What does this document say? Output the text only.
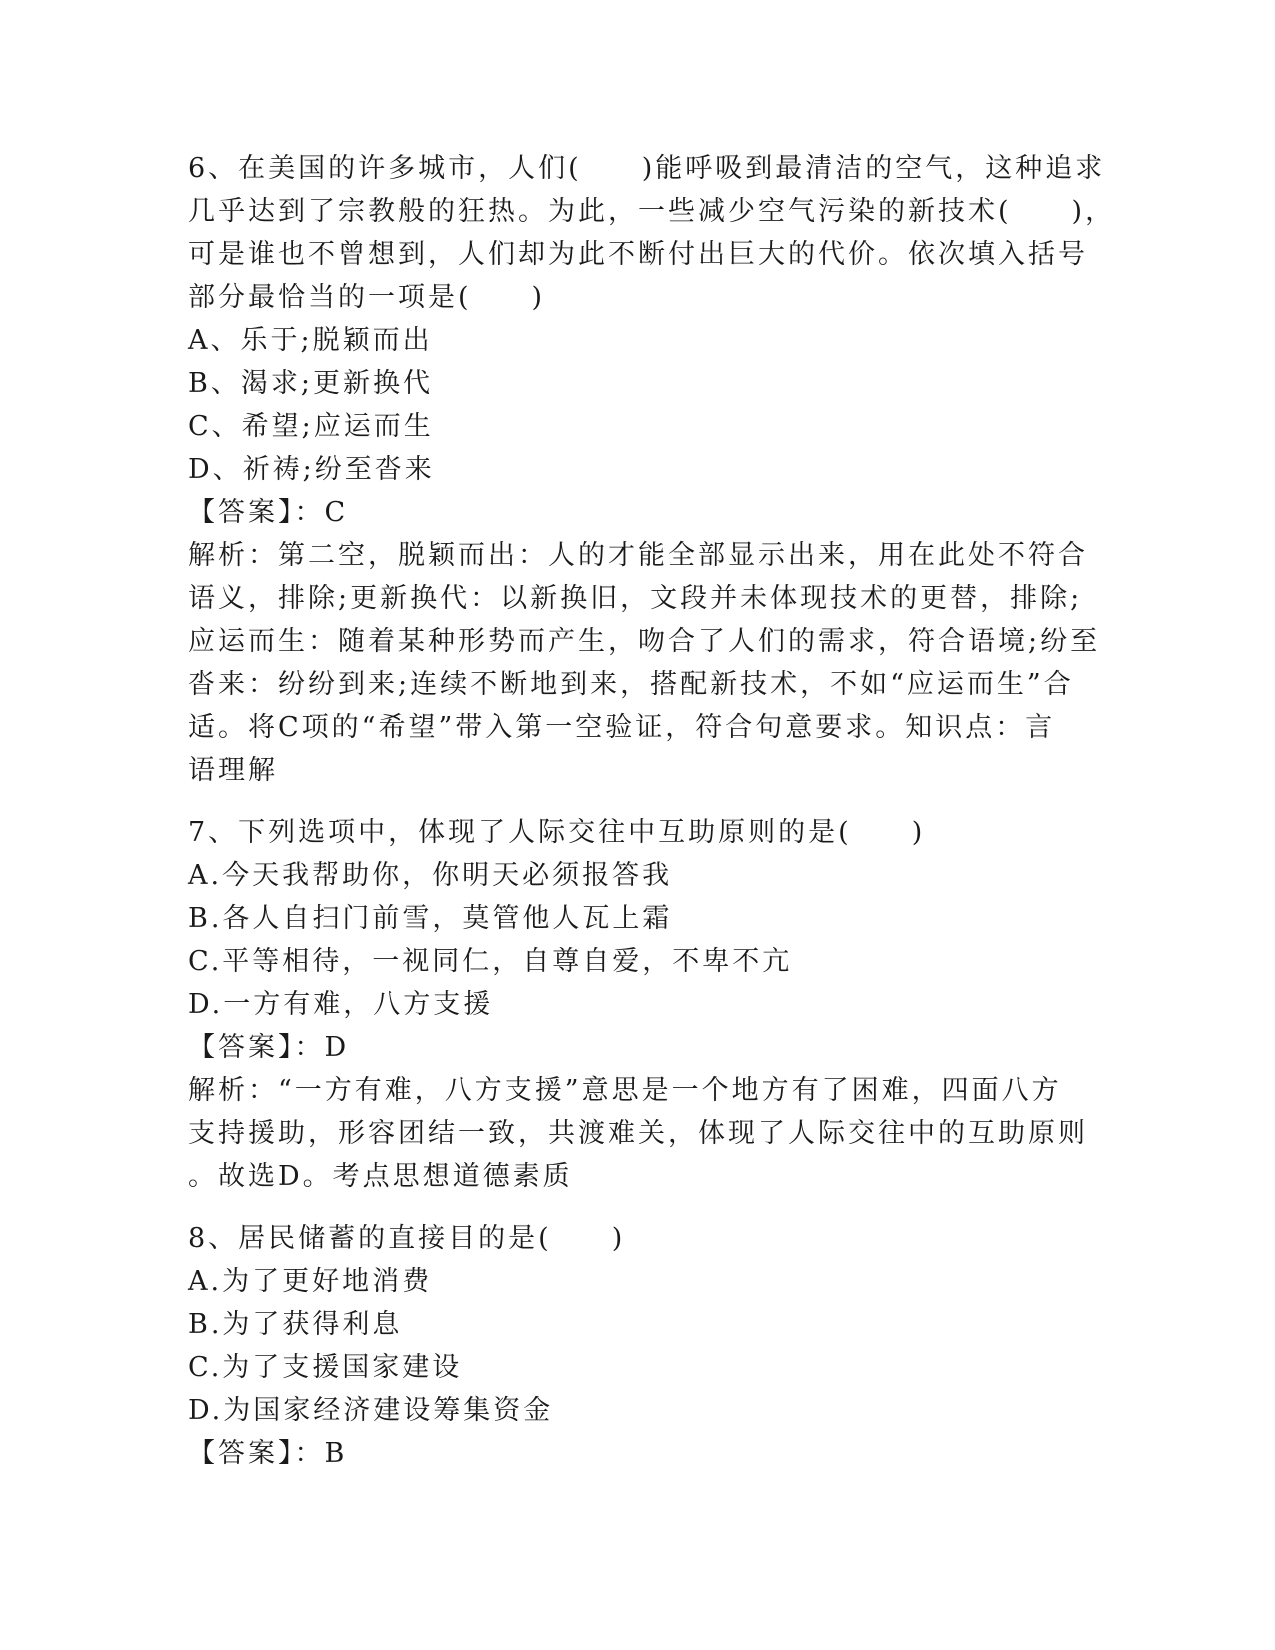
6、在美国的许多城市，人们(　　)能呼吸到最清洁的空气，这种追求
几乎达到了宗教般的狂热。为此，一些减少空气污染的新技术(　　)，
可是谁也不曾想到，人们却为此不断付出巨大的代价。依次填入括号
部分最恰当的一项是(　　)
A、乐于;脱颖而出
B、渴求;更新换代
C、希望;应运而生
D、祈祷;纷至沓来
【答案】：C
解析：第二空，脱颖而出：人的才能全部显示出来，用在此处不符合
语义，排除;更新换代：以新换旧，文段并未体现技术的更替，排除;
应运而生：随着某种形势而产生，吻合了人们的需求，符合语境;纷至
沓来：纷纷到来;连续不断地到来，搭配新技术，不如“应运而生”合
适。将C项的“希望”带入第一空验证，符合句意要求。知识点：言
语理解
7、下列选项中，体现了人际交往中互助原则的是(　　)
A.今天我帮助你，你明天必须报答我
B.各人自扫门前雪，莫管他人瓦上霜
C.平等相待，一视同仁，自尊自爱，不卑不亢
D.一方有难，八方支援
【答案】：D
解析：“一方有难，八方支援”意思是一个地方有了困难，四面八方
支持援助，形容团结一致，共渡难关，体现了人际交往中的互助原则
。故选D。考点思想道德素质
8、居民储蓄的直接目的是(　　)
A.为了更好地消费
B.为了获得利息
C.为了支援国家建设
D.为国家经济建设筹集资金
【答案】：B
